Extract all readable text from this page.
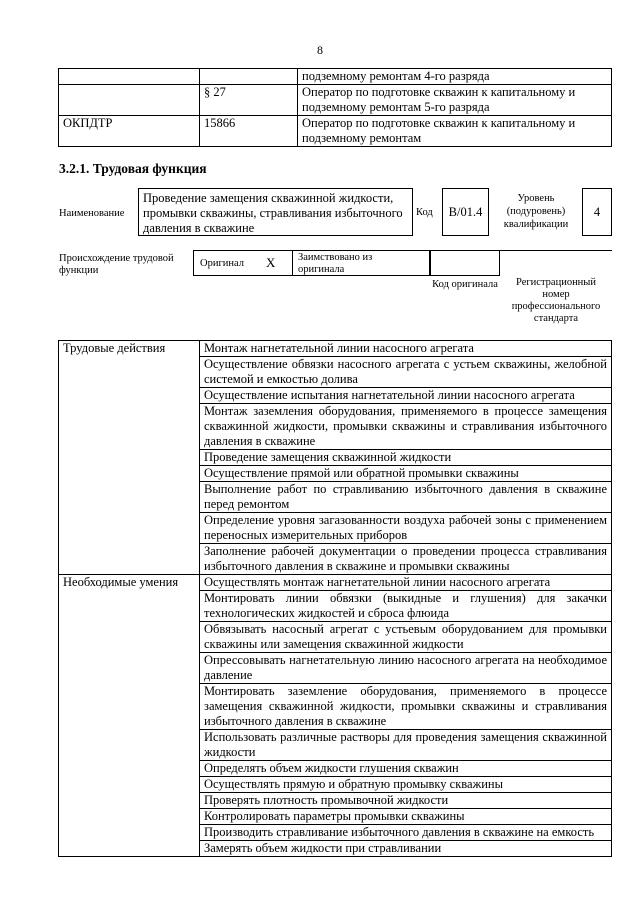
8
		подземному ремонтам 4-го разряда
	§ 27	Оператор по подготовке скважин к капитальному и подземному ремонтам 5-го разряда
ОКПДТР	15866	Оператор по подготовке скважин к капитальному и подземному ремонтам
3.2.1. Трудовая функция
Наименование
Проведение замещения скважинной жидкости, промывки скважины, стравливания избыточного давления в скважине
Код	B/01.4
Уровень (подуровень) квалификации
4
Происхождение трудовой функции
Оригинал X Заимствовано из оригинала
Код оригинала	Регистрационный номер профессионального стандарта
Трудовые действия	Монтаж нагнетательной линии насосного агрегата
	Осуществление обвязки насосного агрегата с устьем скважины, желобной системой и емкостью долива
	Осуществление испытания нагнетательной линии насосного агрегата
	Монтаж заземления оборудования, применяемого в процессе замещения скважинной жидкости, промывки скважины и стравливания избыточного давления в скважине
	Проведение замещения скважинной жидкости
	Осуществление прямой или обратной промывки скважины
	Выполнение работ по стравливанию избыточного давления в скважине перед ремонтом
	Определение уровня загазованности воздуха рабочей зоны с применением переносных измерительных приборов
	Заполнение рабочей документации о проведении процесса стравливания избыточного давления в скважине и промывки скважины
Необходимые умения	Осуществлять монтаж нагнетательной линии насосного агрегата
	Монтировать линии обвязки (выкидные и глушения) для закачки технологических жидкостей и сброса флюида
	Обвязывать насосный агрегат с устьевым оборудованием для промывки скважины или замещения скважинной жидкости
	Опрессовывать нагнетательную линию насосного агрегата на необходимое давление
	Монтировать заземление оборудования, применяемого в процессе замещения скважинной жидкости, промывки скважины и стравливания избыточного давления в скважине
	Использовать различные растворы для проведения замещения скважинной жидкости
	Определять объем жидкости глушения скважин
	Осуществлять прямую и обратную промывку скважины
	Проверять плотность промывочной жидкости
	Контролировать параметры промывки скважины
	Производить стравливание избыточного давления в скважине на емкость
	Замерять объем жидкости при стравливании
